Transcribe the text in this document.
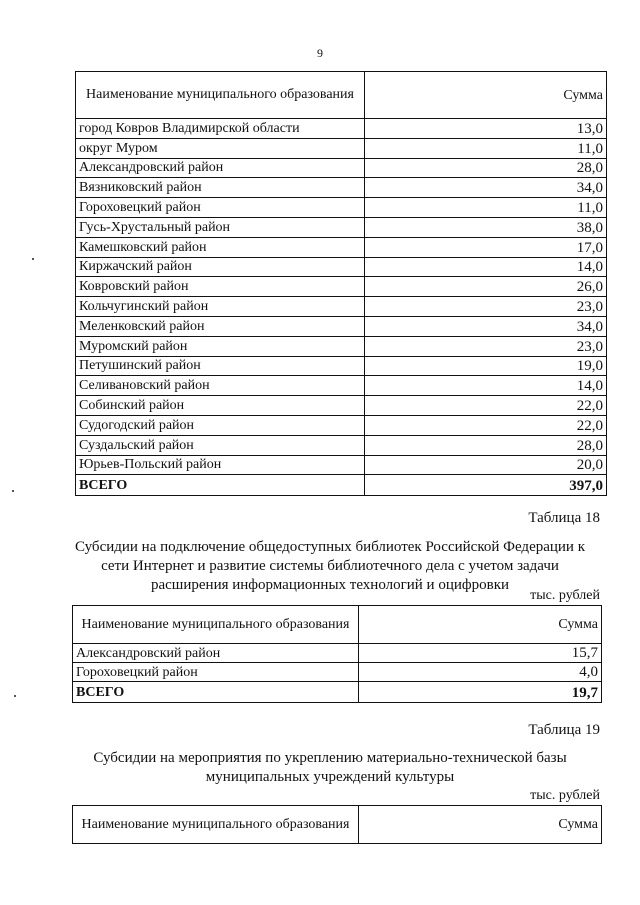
9
Наименование муниципального образования	Сумма
город Ковров Владимирской области	13,0
округ Муром	11,0
Александровский район	28,0
Вязниковский район	34,0
Гороховецкий район	11,0
Гусь-Хрустальный район	38,0
Камешковский район	17,0
Киржачский район	14,0
Ковровский район	26,0
Кольчугинский район	23,0
Меленковский район	34,0
Муромский район	23,0
Петушинский район	19,0
Селивановский район	14,0
Собинский район	22,0
Судогодский район	22,0
Суздальский район	28,0
Юрьев-Польский район	20,0
ВСЕГО	397,0
Таблица 18
Субсидии на подключение общедоступных библиотек Российской Федерации к
сети Интернет и развитие системы библиотечного дела с учетом задачи
расширения информационных технологий и оцифровки
тыс. рублей
Наименование муниципального образования	Сумма
Александровский район	15,7
Гороховецкий район	4,0
ВСЕГО	19,7
Таблица 19
Субсидии на мероприятия по укреплению материально-технической базы
муниципальных учреждений культуры
тыс. рублей
Наименование муниципального образования	Сумма
